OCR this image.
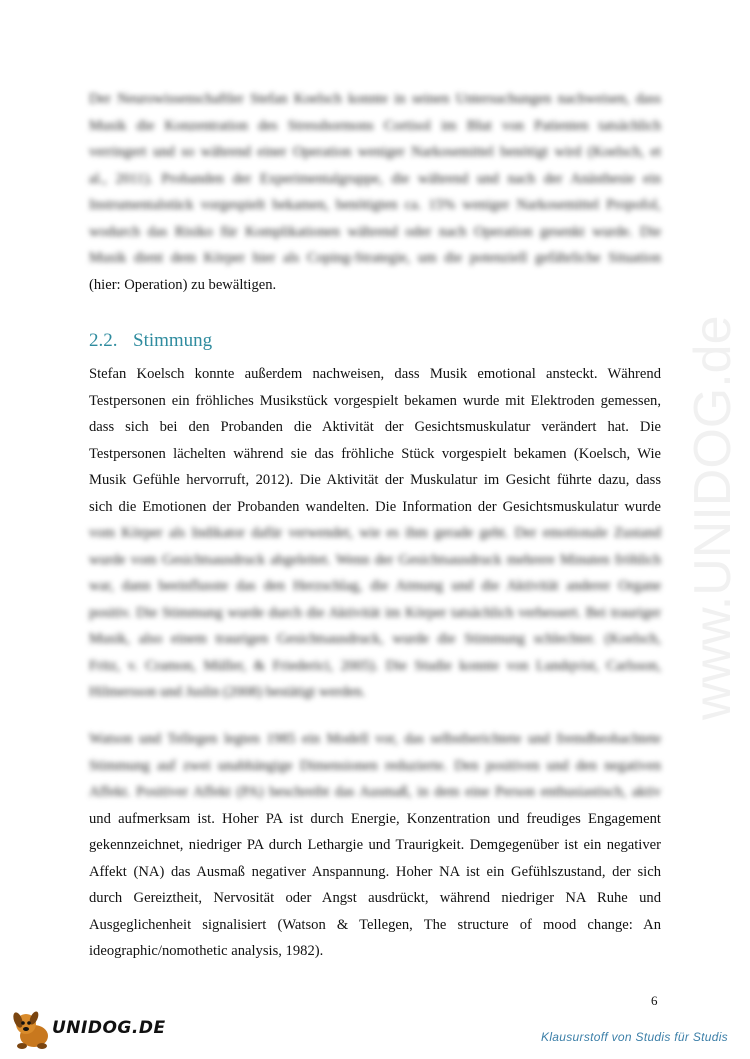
www.UNIDOG.de
Der Neurowissenschaftler Stefan Koelsch konnte in seinen Untersuchungen nachweisen, dass
Musik die Konzentration des Stresshormons Cortisol im Blut von Patienten tatsächlich
verringert und so während einer Operation weniger Narkosemittel benötigt wird (Koelsch, et
al., 2011). Probanden der Experimentalgruppe, die während und nach der Anästhesie ein
Instrumentalstück vorgespielt bekamen, benötigten ca. 15% weniger Narkosemittel Propofol,
wodurch das Risiko für Komplikationen während oder nach Operation gesenkt wurde. Die
Musik dient dem Körper hier als Coping-Strategie, um die potenziell gefährliche Situation
(hier: Operation) zu bewältigen.
2.2. Stimmung
Stefan Koelsch konnte außerdem nachweisen, dass Musik emotional ansteckt. Während
Testpersonen ein fröhliches Musikstück vorgespielt bekamen wurde mit Elektroden gemessen,
dass sich bei den Probanden die Aktivität der Gesichtsmuskulatur verändert hat. Die
Testpersonen lächelten während sie das fröhliche Stück vorgespielt bekamen (Koelsch, Wie
Musik Gefühle hervorruft, 2012). Die Aktivität der Muskulatur im Gesicht führte dazu, dass
sich die Emotionen der Probanden wandelten. Die Information der Gesichtsmuskulatur wurde
vom Körper als Indikator dafür verwendet, wie es ihm gerade geht. Der emotionale Zustand
wurde vom Gesichtsausdruck abgeleitet. Wenn der Gesichtsausdruck mehrere Minuten fröhlich
war, dann beeinflusste das den Herzschlag, die Atmung und die Aktivität anderer Organe
positiv. Die Stimmung wurde durch die Aktivität im Körper tatsächlich verbessert. Bei trauriger
Musik, also einem traurigen Gesichtsausdruck, wurde die Stimmung schlechter. (Koelsch,
Fritz, v. Cramon, Müller, & Friederici, 2005). Die Studie konnte von Lundqvist, Carlsson,
Hilmersson und Juslin (2008) bestätigt werden.
Watson und Tellegen legten 1985 ein Modell vor, das selbstberichtete und fremdbeobachtete
Stimmung auf zwei unabhängige Dimensionen reduzierte. Den positiven und den negativen
Affekt. Positiver Affekt (PA) beschreibt das Ausmaß, in dem eine Person enthusiastisch, aktiv
und aufmerksam ist. Hoher PA ist durch Energie, Konzentration und freudiges Engagement
gekennzeichnet, niedriger PA durch Lethargie und Traurigkeit. Demgegenüber ist ein negativer
Affekt (NA) das Ausmaß negativer Anspannung. Hoher NA ist ein Gefühlszustand, der sich
durch Gereiztheit, Nervosität oder Angst ausdrückt, während niedriger NA Ruhe und
Ausgeglichenheit signalisiert (Watson & Tellegen, The structure of mood change: An
ideographic/nomothetic analysis, 1982).
6
UNIDOG.DE	Klausurstoff von Studis für Studis
